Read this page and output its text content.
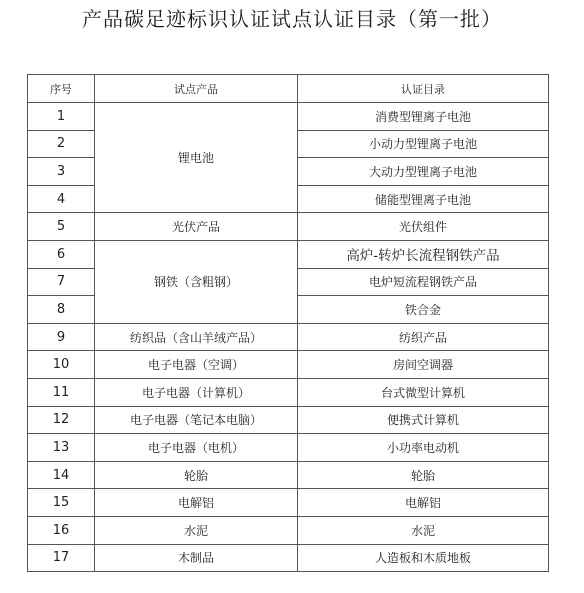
产品碳足迹标识认证试点认证目录（第一批）
序号	试点产品	认证目录
1	锂电池	消费型锂离子电池
2		小动力型锂离子电池
3		大动力型锂离子电池
4		储能型锂离子电池
5	光伏产品	光伏组件
6	钢铁（含粗钢）	高炉-转炉长流程钢铁产品
7		电炉短流程钢铁产品
8		铁合金
9	纺织品（含山羊绒产品）	纺织产品
10	电子电器（空调）	房间空调器
11	电子电器（计算机）	台式微型计算机
12	电子电器（笔记本电脑）	便携式计算机
13	电子电器（电机）	小功率电动机
14	轮胎	轮胎
15	电解铝	电解铝
16	水泥	水泥
17	木制品	人造板和木质地板
